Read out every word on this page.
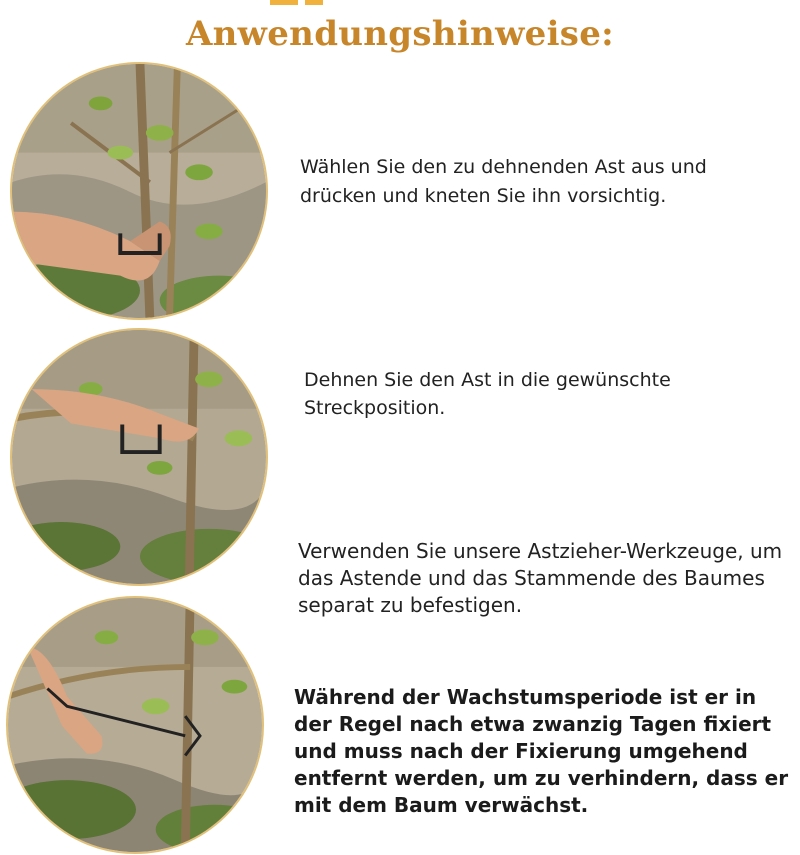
Anwendungshinweise:
Wählen Sie den zu dehnenden Ast aus und drücken und kneten Sie ihn vorsichtig.
Dehnen Sie den Ast in die gewünschte Streckposition.
Verwenden Sie unsere Astzieher-Werkzeuge, um das Astende und das Stammende des Baumes separat zu befestigen.
Während der Wachstumsperiode ist er in der Regel nach etwa zwanzig Tagen fixiert und muss nach der Fixierung umgehend entfernt werden, um zu verhindern, dass er mit dem Baum verwächst.
